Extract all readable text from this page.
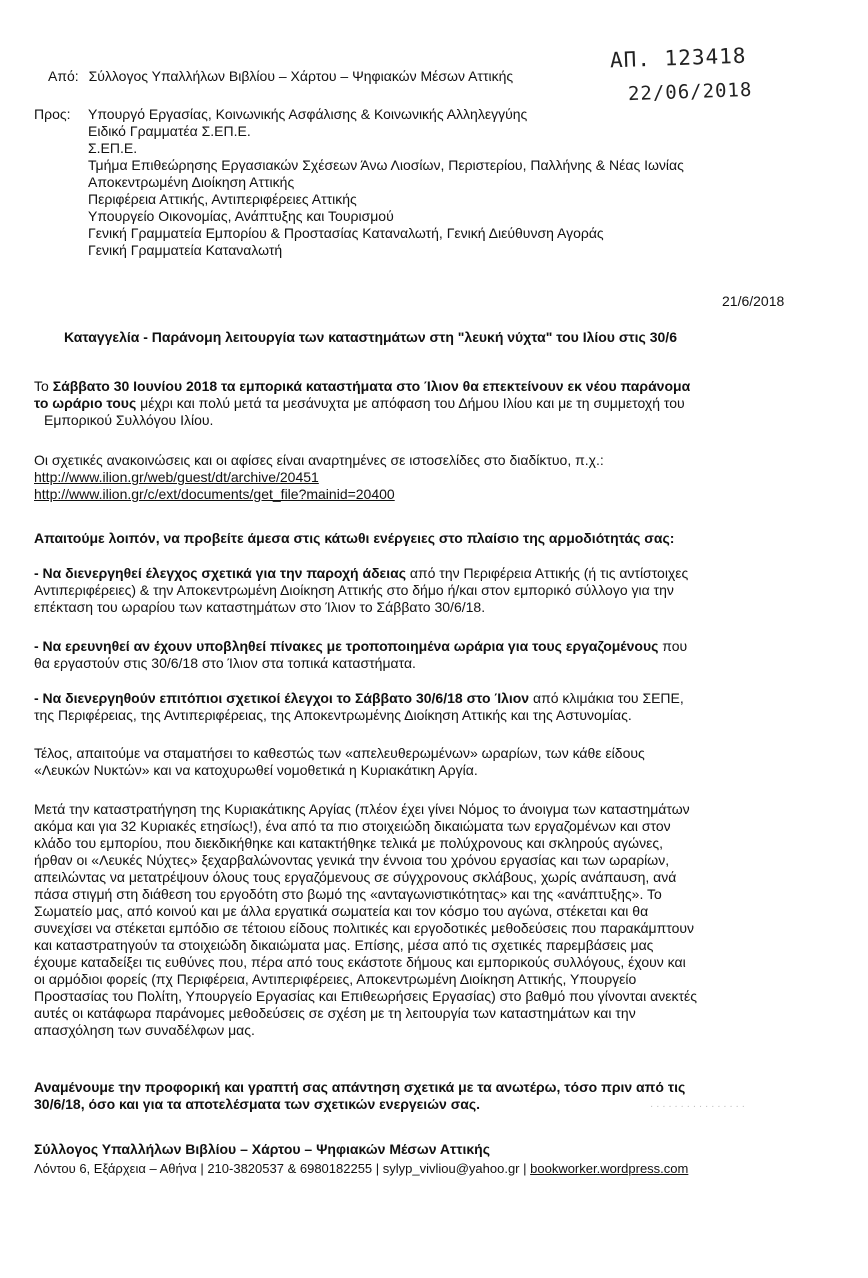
ΑΠ. 123418
22/06/2018
Από: Σύλλογος Υπαλλήλων Βιβλίου – Χάρτου – Ψηφιακών Μέσων Αττικής
Προς: Υπουργό Εργασίας, Κοινωνικής Ασφάλισης & Κοινωνικής Αλληλεγγύης
Ειδικό Γραμματέα Σ.ΕΠ.Ε.
Σ.ΕΠ.Ε.
Τμήμα Επιθεώρησης Εργασιακών Σχέσεων Άνω Λιοσίων, Περιστερίου, Παλλήνης & Νέας Ιωνίας
Αποκεντρωμένη Διοίκηση Αττικής
Περιφέρεια Αττικής, Αντιπεριφέρειες Αττικής
Υπουργείο Οικονομίας, Ανάπτυξης και Τουρισμού
Γενική Γραμματεία Εμπορίου & Προστασίας Καταναλωτή, Γενική Διεύθυνση Αγοράς
Γενική Γραμματεία Καταναλωτή
21/6/2018
Καταγγελία - Παράνομη λειτουργία των καταστημάτων στη "λευκή νύχτα" του Ιλίου στις 30/6
Το Σάββατο 30 Ιουνίου 2018 τα εμπορικά καταστήματα στο Ίλιον θα επεκτείνουν εκ νέου παράνομα
το ωράριο τους μέχρι και πολύ μετά τα μεσάνυχτα με απόφαση του Δήμου Ιλίου και με τη συμμετοχή του
Εμπορικού Συλλόγου Ιλίου.
Οι σχετικές ανακοινώσεις και οι αφίσες είναι αναρτημένες σε ιστοσελίδες στο διαδίκτυο, π.χ.:
http://www.ilion.gr/web/guest/dt/archive/20451
http://www.ilion.gr/c/ext/documents/get_file?mainid=20400
Απαιτούμε λοιπόν, να προβείτε άμεσα στις κάτωθι ενέργειες στο πλαίσιο της αρμοδιότητάς σας:
- Να διενεργηθεί έλεγχος σχετικά για την παροχή άδειας από την Περιφέρεια Αττικής (ή τις αντίστοιχες
Αντιπεριφέρειες) & την Αποκεντρωμένη Διοίκηση Αττικής στο δήμο ή/και στον εμπορικό σύλλογο για την
επέκταση του ωραρίου των καταστημάτων στο Ίλιον το Σάββατο 30/6/18.
- Να ερευνηθεί αν έχουν υποβληθεί πίνακες με τροποποιημένα ωράρια για τους εργαζομένους που
θα εργαστούν στις 30/6/18 στο Ίλιον στα τοπικά καταστήματα.
- Να διενεργηθούν επιτόπιοι σχετικοί έλεγχοι το Σάββατο 30/6/18 στο Ίλιον από κλιμάκια του ΣΕΠΕ,
της Περιφέρειας, της Αντιπεριφέρειας, της Αποκεντρωμένης Διοίκηση Αττικής και της Αστυνομίας.
Τέλος, απαιτούμε να σταματήσει το καθεστώς των «απελευθερωμένων» ωραρίων, των κάθε είδους
«Λευκών Νυκτών» και να κατοχυρωθεί νομοθετικά η Κυριακάτικη Αργία.
Μετά την καταστρατήγηση της Κυριακάτικης Αργίας (πλέον έχει γίνει Νόμος το άνοιγμα των καταστημάτων
ακόμα και για 32 Κυριακές ετησίως!), ένα από τα πιο στοιχειώδη δικαιώματα των εργαζομένων και στον
κλάδο του εμπορίου, που διεκδικήθηκε και κατακτήθηκε τελικά με πολύχρονους και σκληρούς αγώνες,
ήρθαν οι «Λευκές Νύχτες» ξεχαρβαλώνοντας γενικά την έννοια του χρόνου εργασίας και των ωραρίων,
απειλώντας να μετατρέψουν όλους τους εργαζόμενους σε σύγχρονους σκλάβους, χωρίς ανάπαυση, ανά
πάσα στιγμή στη διάθεση του εργοδότη στο βωμό της «ανταγωνιστικότητας» και της «ανάπτυξης». Το
Σωματείο μας, από κοινού και με άλλα εργατικά σωματεία και τον κόσμο του αγώνα, στέκεται και θα
συνεχίσει να στέκεται εμπόδιο σε τέτοιου είδους πολιτικές και εργοδοτικές μεθοδεύσεις που παρακάμπτουν
και καταστρατηγούν τα στοιχειώδη δικαιώματα μας. Επίσης, μέσα από τις σχετικές παρεμβάσεις μας
έχουμε καταδείξει τις ευθύνες που, πέρα από τους εκάστοτε δήμους και εμπορικούς συλλόγους, έχουν και
οι αρμόδιοι φορείς (πχ Περιφέρεια, Αντιπεριφέρειες, Αποκεντρωμένη Διοίκηση Αττικής, Υπουργείο
Προστασίας του Πολίτη, Υπουργείο Εργασίας και Επιθεωρήσεις Εργασίας) στο βαθμό που γίνονται ανεκτές
αυτές οι κατάφωρα παράνομες μεθοδεύσεις σε σχέση με τη λειτουργία των καταστημάτων και την
απασχόληση των συναδέλφων μας.
Αναμένουμε την προφορική και γραπτή σας απάντηση σχετικά με τα ανωτέρω, τόσο πριν από τις
30/6/18, όσο και για τα αποτελέσματα των σχετικών ενεργειών σας.	· · · · · · · · · · · · · · · ·
Σύλλογος Υπαλλήλων Βιβλίου – Χάρτου – Ψηφιακών Μέσων Αττικής
Λόντου 6, Εξάρχεια – Αθήνα | 210-3820537 & 6980182255 | sylyp_vivliou@yahoo.gr | bookworker.wordpress.com
